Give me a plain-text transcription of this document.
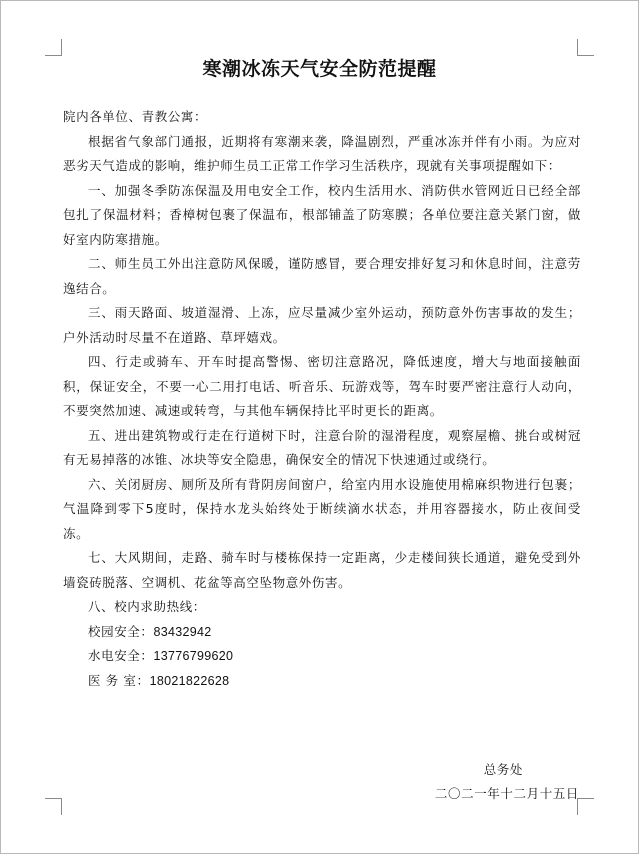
寒潮冰冻天气安全防范提醒

院内各单位、青教公寓：

根据省气象部门通报，近期将有寒潮来袭，降温剧烈，严重冰冻并伴有小雨。为应对恶劣天气造成的影响，维护师生员工正常工作学习生活秩序，现就有关事项提醒如下：

一、加强冬季防冻保温及用电安全工作，校内生活用水、消防供水管网近日已经全部包扎了保温材料；香樟树包裹了保温布，根部铺盖了防寒膜；各单位要注意关紧门窗，做好室内防寒措施。

二、师生员工外出注意防风保暖，谨防感冒，要合理安排好复习和休息时间，注意劳逸结合。

三、雨天路面、坡道湿滑、上冻，应尽量减少室外运动，预防意外伤害事故的发生；户外活动时尽量不在道路、草坪嬉戏。

四、行走或骑车、开车时提高警惕、密切注意路况，降低速度，增大与地面接触面积，保证安全，不要一心二用打电话、听音乐、玩游戏等，驾车时要严密注意行人动向，不要突然加速、减速或转弯，与其他车辆保持比平时更长的距离。

五、进出建筑物或行走在行道树下时，注意台阶的湿滑程度，观察屋檐、挑台或树冠有无易掉落的冰锥、冰块等安全隐患，确保安全的情况下快速通过或绕行。

六、关闭厨房、厕所及所有背阴房间窗户，给室内用水设施使用棉麻织物进行包裹；气温降到零下5度时，保持水龙头始终处于断续滴水状态，并用容器接水，防止夜间受冻。

七、大风期间，走路、骑车时与楼栋保持一定距离，少走楼间狭长通道，避免受到外墙瓷砖脱落、空调机、花盆等高空坠物意外伤害。

八、校内求助热线：

校园安全：83432942
水电安全：13776799620
医 务 室：18021822628
总务处
二〇二一年十二月十五日
